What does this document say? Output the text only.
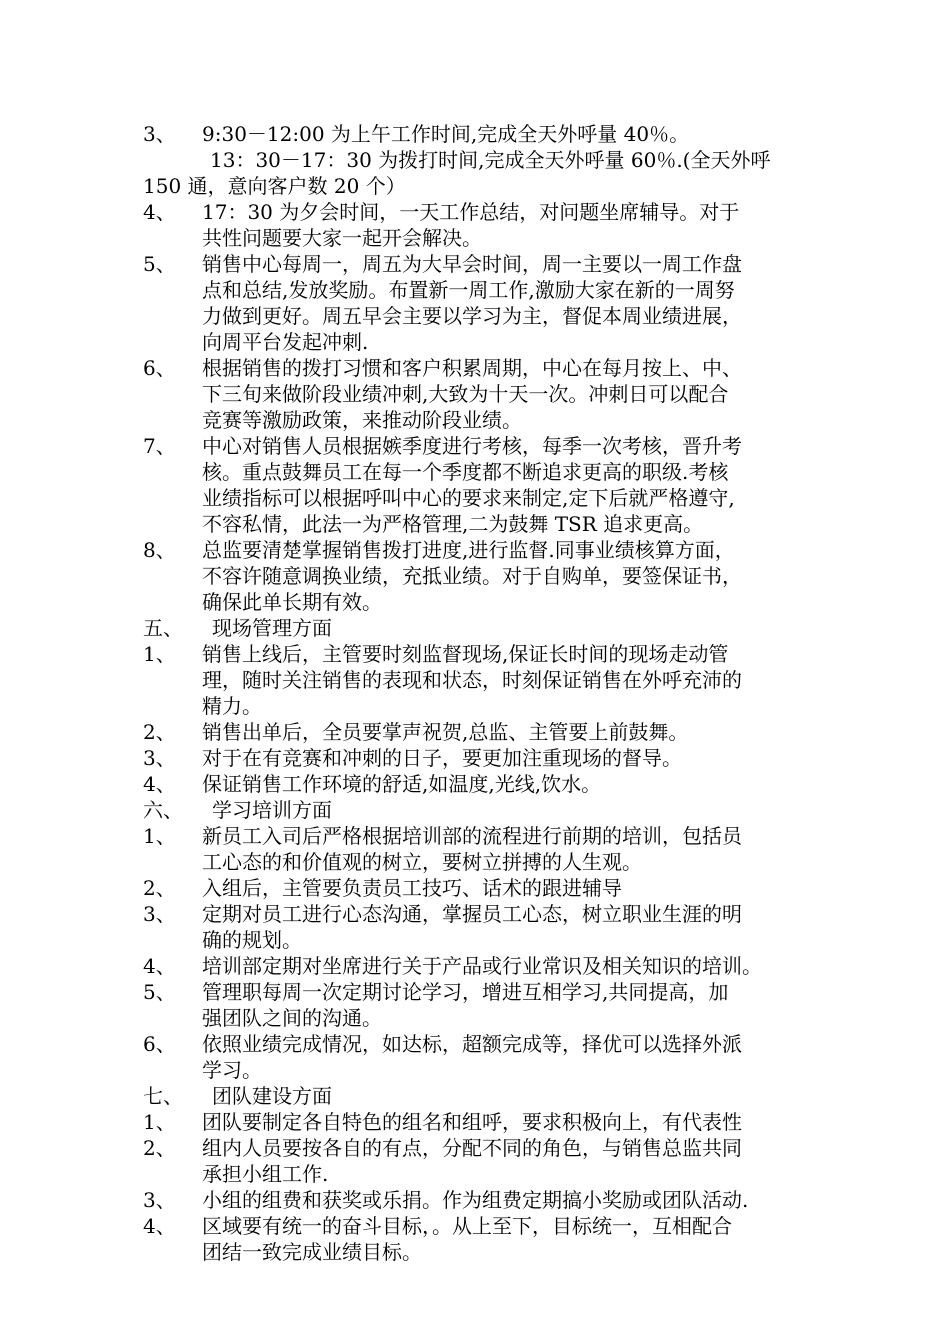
3、 9:30－12:00 为上午工作时间,完成全天外呼量 40％。
13：30－17：30 为拨打时间,完成全天外呼量 60％.(全天外呼
150 通，意向客户数 20 个）
4、 17：30 为夕会时间，一天工作总结，对问题坐席辅导。对于
共性问题要大家一起开会解决。
5、 销售中心每周一，周五为大早会时间，周一主要以一周工作盘
点和总结,发放奖励。布置新一周工作,激励大家在新的一周努
力做到更好。周五早会主要以学习为主，督促本周业绩进展，
向周平台发起冲刺.
6、 根据销售的拨打习惯和客户积累周期，中心在每月按上、中、
下三旬来做阶段业绩冲刺,大致为十天一次。冲刺日可以配合
竞赛等激励政策，来推动阶段业绩。
7、 中心对销售人员根据嫉季度进行考核，每季一次考核，晋升考
核。重点鼓舞员工在每一个季度都不断追求更高的职级.考核
业绩指标可以根据呼叫中心的要求来制定,定下后就严格遵守,
不容私情，此法一为严格管理,二为鼓舞 TSR 追求更高。
8、 总监要清楚掌握销售拨打进度,进行监督.同事业绩核算方面，
不容许随意调换业绩，充抵业绩。对于自购单，要签保证书，
确保此单长期有效。
五、 现场管理方面
1、 销售上线后，主管要时刻监督现场,保证长时间的现场走动管
理，随时关注销售的表现和状态，时刻保证销售在外呼充沛的
精力。
2、 销售出单后，全员要掌声祝贺,总监、主管要上前鼓舞。
3、 对于在有竞赛和冲刺的日子，要更加注重现场的督导。
4、 保证销售工作环境的舒适,如温度,光线,饮水。
六、 学习培训方面
1、 新员工入司后严格根据培训部的流程进行前期的培训，包括员
工心态的和价值观的树立，要树立拼搏的人生观。
2、 入组后，主管要负责员工技巧、话术的跟进辅导
3、 定期对员工进行心态沟通，掌握员工心态，树立职业生涯的明
确的规划。
4、 培训部定期对坐席进行关于产品或行业常识及相关知识的培训。
5、 管理职每周一次定期讨论学习，增进互相学习,共同提高，加
强团队之间的沟通。
6、 依照业绩完成情况，如达标，超额完成等，择优可以选择外派
学习。
七、 团队建设方面
1、 团队要制定各自特色的组名和组呼，要求积极向上，有代表性
2、 组内人员要按各自的有点，分配不同的角色，与销售总监共同
承担小组工作.
3、 小组的组费和获奖或乐捐。作为组费定期搞小奖励或团队活动.
4、 区域要有统一的奋斗目标，。从上至下，目标统一，互相配合
团结一致完成业绩目标。
